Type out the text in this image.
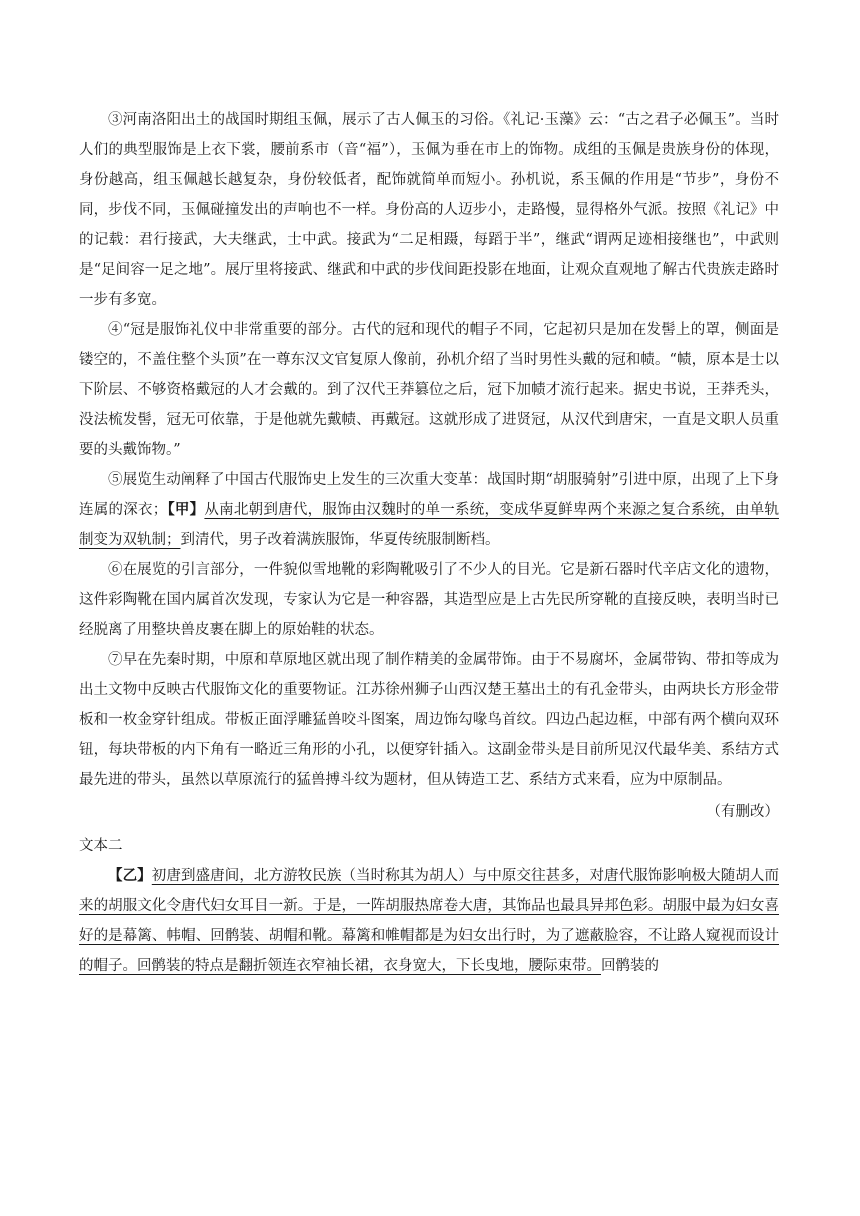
③河南洛阳出土的战国时期组玉佩，展示了古人佩玉的习俗。《礼记·玉藻》云：“古之君子必佩玉”。当时人们的典型服饰是上衣下裳，腰前系市（音“福”），玉佩为垂在市上的饰物。成组的玉佩是贵族身份的体现，身份越高，组玉佩越长越复杂，身份较低者，配饰就简单而短小。孙机说，系玉佩的作用是“节步”，身份不同，步伐不同，玉佩碰撞发出的声响也不一样。身份高的人迈步小，走路慢，显得格外气派。按照《礼记》中的记载：君行接武，大夫继武，士中武。接武为“二足相蹑，每蹈于半”，继武“谓两足迹相接继也”，中武则是“足间容一足之地”。展厅里将接武、继武和中武的步伐间距投影在地面，让观众直观地了解古代贵族走路时一步有多宽。

④“冠是服饰礼仪中非常重要的部分。古代的冠和现代的帽子不同，它起初只是加在发髻上的罩，侧面是镂空的，不盖住整个头顶”在一尊东汉文官复原人像前，孙机介绍了当时男性头戴的冠和帻。“帻，原本是士以下阶层、不够资格戴冠的人才会戴的。到了汉代王莽篡位之后，冠下加帻才流行起来。据史书说，王莽秃头，没法梳发髻，冠无可依靠，于是他就先戴帻、再戴冠。这就形成了进贤冠，从汉代到唐宋，一直是文职人员重要的头戴饰物。”

⑤展览生动阐释了中国古代服饰史上发生的三次重大变革：战国时期“胡服骑射”引进中原，出现了上下身连属的深衣；【甲】从南北朝到唐代，服饰由汉魏时的单一系统，变成华夏鲜卑两个来源之复合系统，由单轨制变为双轨制；到清代，男子改着满族服饰，华夏传统服制断档。

⑥在展览的引言部分，一件貌似雪地靴的彩陶靴吸引了不少人的目光。它是新石器时代辛店文化的遗物，这件彩陶靴在国内属首次发现，专家认为它是一种容器，其造型应是上古先民所穿靴的直接反映，表明当时已经脱离了用整块兽皮裹在脚上的原始鞋的状态。

⑦早在先秦时期，中原和草原地区就出现了制作精美的金属带饰。由于不易腐坏，金属带钩、带扣等成为出土文物中反映古代服饰文化的重要物证。江苏徐州狮子山西汉楚王墓出土的有孔金带头，由两块长方形金带板和一枚金穿针组成。带板正面浮雕猛兽咬斗图案，周边饰勾喙鸟首纹。四边凸起边框，中部有两个横向双环钮，每块带板的内下角有一略近三角形的小孔，以便穿针插入。这副金带头是目前所见汉代最华美、系结方式最先进的带头，虽然以草原流行的猛兽搏斗纹为题材，但从铸造工艺、系结方式来看，应为中原制品。

（有删改）

文本二

【乙】初唐到盛唐间，北方游牧民族（当时称其为胡人）与中原交往甚多，对唐代服饰影响极大随胡人而来的胡服文化令唐代妇女耳目一新。于是，一阵胡服热席卷大唐，其饰品也最具异邦色彩。胡服中最为妇女喜好的是幕篱、帏帽、回鹘装、胡帽和靴。幕篱和帷帽都是为妇女出行时，为了遮蔽脸容，不让路人窥视而设计的帽子。回鹘装的特点是翻折领连衣窄袖长裙，衣身宽大，下长曳地，腰际束带。回鹘装的
